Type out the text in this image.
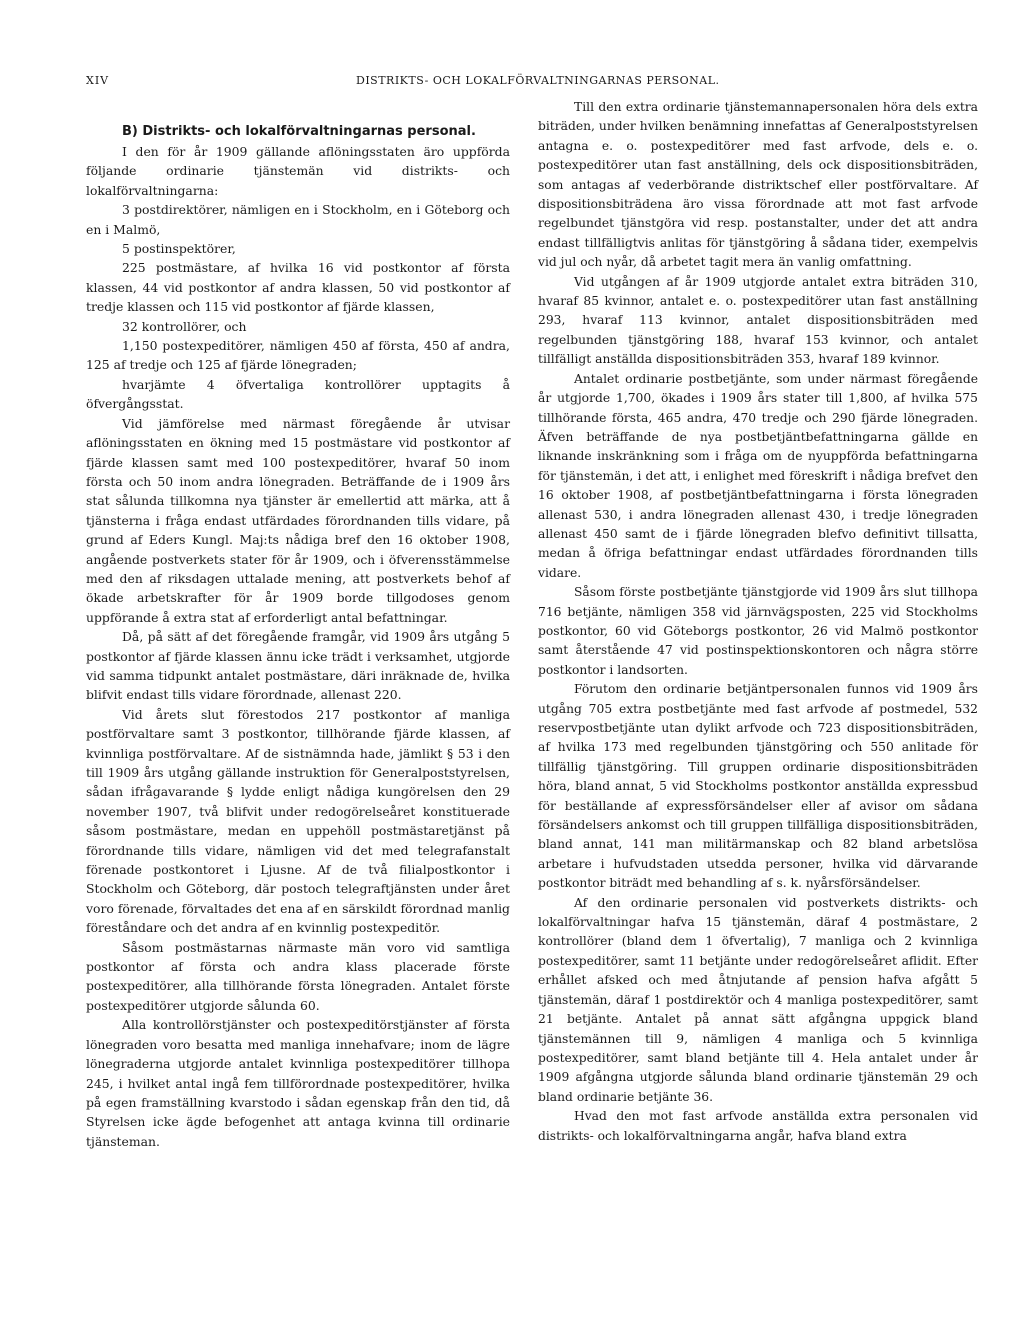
XIV	DISTRIKTS- OCH LOKALFÖRVALTNINGARNAS PERSONAL.
B) Distrikts- och lokalförvaltningarnas personal.

I den för år 1909 gällande aflöningsstaten äro uppförda följande ordinarie tjänstemän vid distrikts- och lokalförvaltningarna:

3 postdirektörer, nämligen en i Stockholm, en i Göteborg och en i Malmö,

5 postinspektörer,

225 postmästare, af hvilka 16 vid postkontor af första klassen, 44 vid postkontor af andra klassen, 50 vid postkontor af tredje klassen och 115 vid postkontor af fjärde klassen,

32 kontrollörer, och

1,150 postexpeditörer, nämligen 450 af första, 450 af andra, 125 af tredje och 125 af fjärde lönegraden;

hvarjämte 4 öfvertaliga kontrollörer upptagits å öfvergångsstat.

Vid jämförelse med närmast föregående år utvisar aflöningsstaten en ökning med 15 postmästare vid postkontor af fjärde klassen samt med 100 postexpeditörer, hvaraf 50 inom första och 50 inom andra lönegraden. Beträffande de i 1909 års stat sålunda tillkomna nya tjänster är emellertid att märka, att å tjänsterna i fråga endast utfärdades förordnanden tills vidare, på grund af Eders Kungl. Maj:ts nådiga bref den 16 oktober 1908, angående postverkets stater för år 1909, och i öfverensstämmelse med den af riksdagen uttalade mening, att postverkets behof af ökade arbetskrafter för år 1909 borde tillgodoses genom uppförande å extra stat af erforderligt antal befattningar.

Då, på sätt af det föregående framgår, vid 1909 års utgång 5 postkontor af fjärde klassen ännu icke trädt i verksamhet, utgjorde vid samma tidpunkt antalet postmästare, däri inräknade de, hvilka blifvit endast tills vidare förordnade, allenast 220.

Vid årets slut förestodos 217 postkontor af manliga postförvaltare samt 3 postkontor, tillhörande fjärde klassen, af kvinnliga postförvaltare. Af de sistnämnda hade, jämlikt § 53 i den till 1909 års utgång gällande instruktion för Generalpoststyrelsen, sådan ifrågavarande § lydde enligt nådiga kungörelsen den 29 november 1907, två blifvit under redogörelseåret konstituerade såsom postmästare, medan en uppehöll postmästaretjänst på förordnande tills vidare, nämligen vid det med telegrafanstalt förenade postkontoret i Ljusne. Af de två filialpostkontor i Stockholm och Göteborg, där postoch telegraftjänsten under året voro förenade, förvaltades det ena af en särskildt förordnad manlig föreståndare och det andra af en kvinnlig postexpeditör.

Såsom postmästarnas närmaste män voro vid samtliga postkontor af första och andra klass placerade förste postexpeditörer, alla tillhörande första lönegraden. Antalet förste postexpeditörer utgjorde sålunda 60.

Alla kontrollörstjänster och postexpeditörstjänster af första lönegraden voro besatta med manliga innehafvare; inom de lägre lönegraderna utgjorde antalet kvinnliga postexpeditörer tillhopa 245, i hvilket antal ingå fem tillförordnade postexpeditörer, hvilka på egen framställning kvarstodo i sådan egenskap från den tid, då Styrelsen icke ägde befogenhet att antaga kvinna till ordinarie tjänsteman.

Till den extra ordinarie tjänstemannapersonalen höra dels extra biträden, under hvilken benämning innefattas af Generalpoststyrelsen antagna e. o. postexpeditörer med fast arfvode, dels e. o. postexpeditörer utan fast anställning, dels ock dispositionsbiträden, som antagas af vederbörande distriktschef eller postförvaltare. Af dispositionsbiträdena äro vissa förordnade att mot fast arfvode regelbundet tjänstgöra vid resp. postanstalter, under det att andra endast tillfälligtvis anlitas för tjänstgöring å sådana tider, exempelvis vid jul och nyår, då arbetet tagit mera än vanlig omfattning.

Vid utgången af år 1909 utgjorde antalet extra biträden 310, hvaraf 85 kvinnor, antalet e. o. postexpeditörer utan fast anställning 293, hvaraf 113 kvinnor, antalet dispositionsbiträden med regelbunden tjänstgöring 188, hvaraf 153 kvinnor, och antalet tillfälligt anställda dispositionsbiträden 353, hvaraf 189 kvinnor.

Antalet ordinarie postbetjänte, som under närmast föregående år utgjorde 1,700, ökades i 1909 års stater till 1,800, af hvilka 575 tillhörande första, 465 andra, 470 tredje och 290 fjärde lönegraden. Äfven beträffande de nya postbetjäntbefattningarna gällde en liknande inskränkning som i fråga om de nyuppförda befattningarna för tjänstemän, i det att, i enlighet med föreskrift i nådiga brefvet den 16 oktober 1908, af postbetjäntbefattningarna i första lönegraden allenast 530, i andra lönegraden allenast 430, i tredje lönegraden allenast 450 samt de i fjärde lönegraden blefvo definitivt tillsatta, medan å öfriga befattningar endast utfärdades förordnanden tills vidare.

Såsom förste postbetjänte tjänstgjorde vid 1909 års slut tillhopa 716 betjänte, nämligen 358 vid järnvägsposten, 225 vid Stockholms postkontor, 60 vid Göteborgs postkontor, 26 vid Malmö postkontor samt återstående 47 vid postinspektionskontoren och några större postkontor i landsorten.

Förutom den ordinarie betjäntpersonalen funnos vid 1909 års utgång 705 extra postbetjänte med fast arfvode af postmedel, 532 reservpostbetjänte utan dylikt arfvode och 723 dispositionsbiträden, af hvilka 173 med regelbunden tjänstgöring och 550 anlitade för tillfällig tjänstgöring. Till gruppen ordinarie dispositionsbiträden höra, bland annat, 5 vid Stockholms postkontor anställda expressbud för beställande af expressförsändelser eller af avisor om sådana försändelsers ankomst och till gruppen tillfälliga dispositionsbiträden, bland annat, 141 man militärmanskap och 82 bland arbetslösa arbetare i hufvudstaden utsedda personer, hvilka vid därvarande postkontor biträdt med behandling af s. k. nyårsförsändelser.

Af den ordinarie personalen vid postverkets distrikts- och lokalförvaltningar hafva 15 tjänstemän, däraf 4 postmästare, 2 kontrollörer (bland dem 1 öfvertalig), 7 manliga och 2 kvinnliga postexpeditörer, samt 11 betjänte under redogörelseåret aflidit. Efter erhållet afsked och med åtnjutande af pension hafva afgått 5 tjänstemän, däraf 1 postdirektör och 4 manliga postexpeditörer, samt 21 betjänte. Antalet på annat sätt afgångna uppgick bland tjänstemännen till 9, nämligen 4 manliga och 5 kvinnliga postexpeditörer, samt bland betjänte till 4. Hela antalet under år 1909 afgångna utgjorde sålunda bland ordinarie tjänstemän 29 och bland ordinarie betjänte 36.

Hvad den mot fast arfvode anställda extra personalen vid distrikts- och lokalförvaltningarna angår, hafva bland extra
